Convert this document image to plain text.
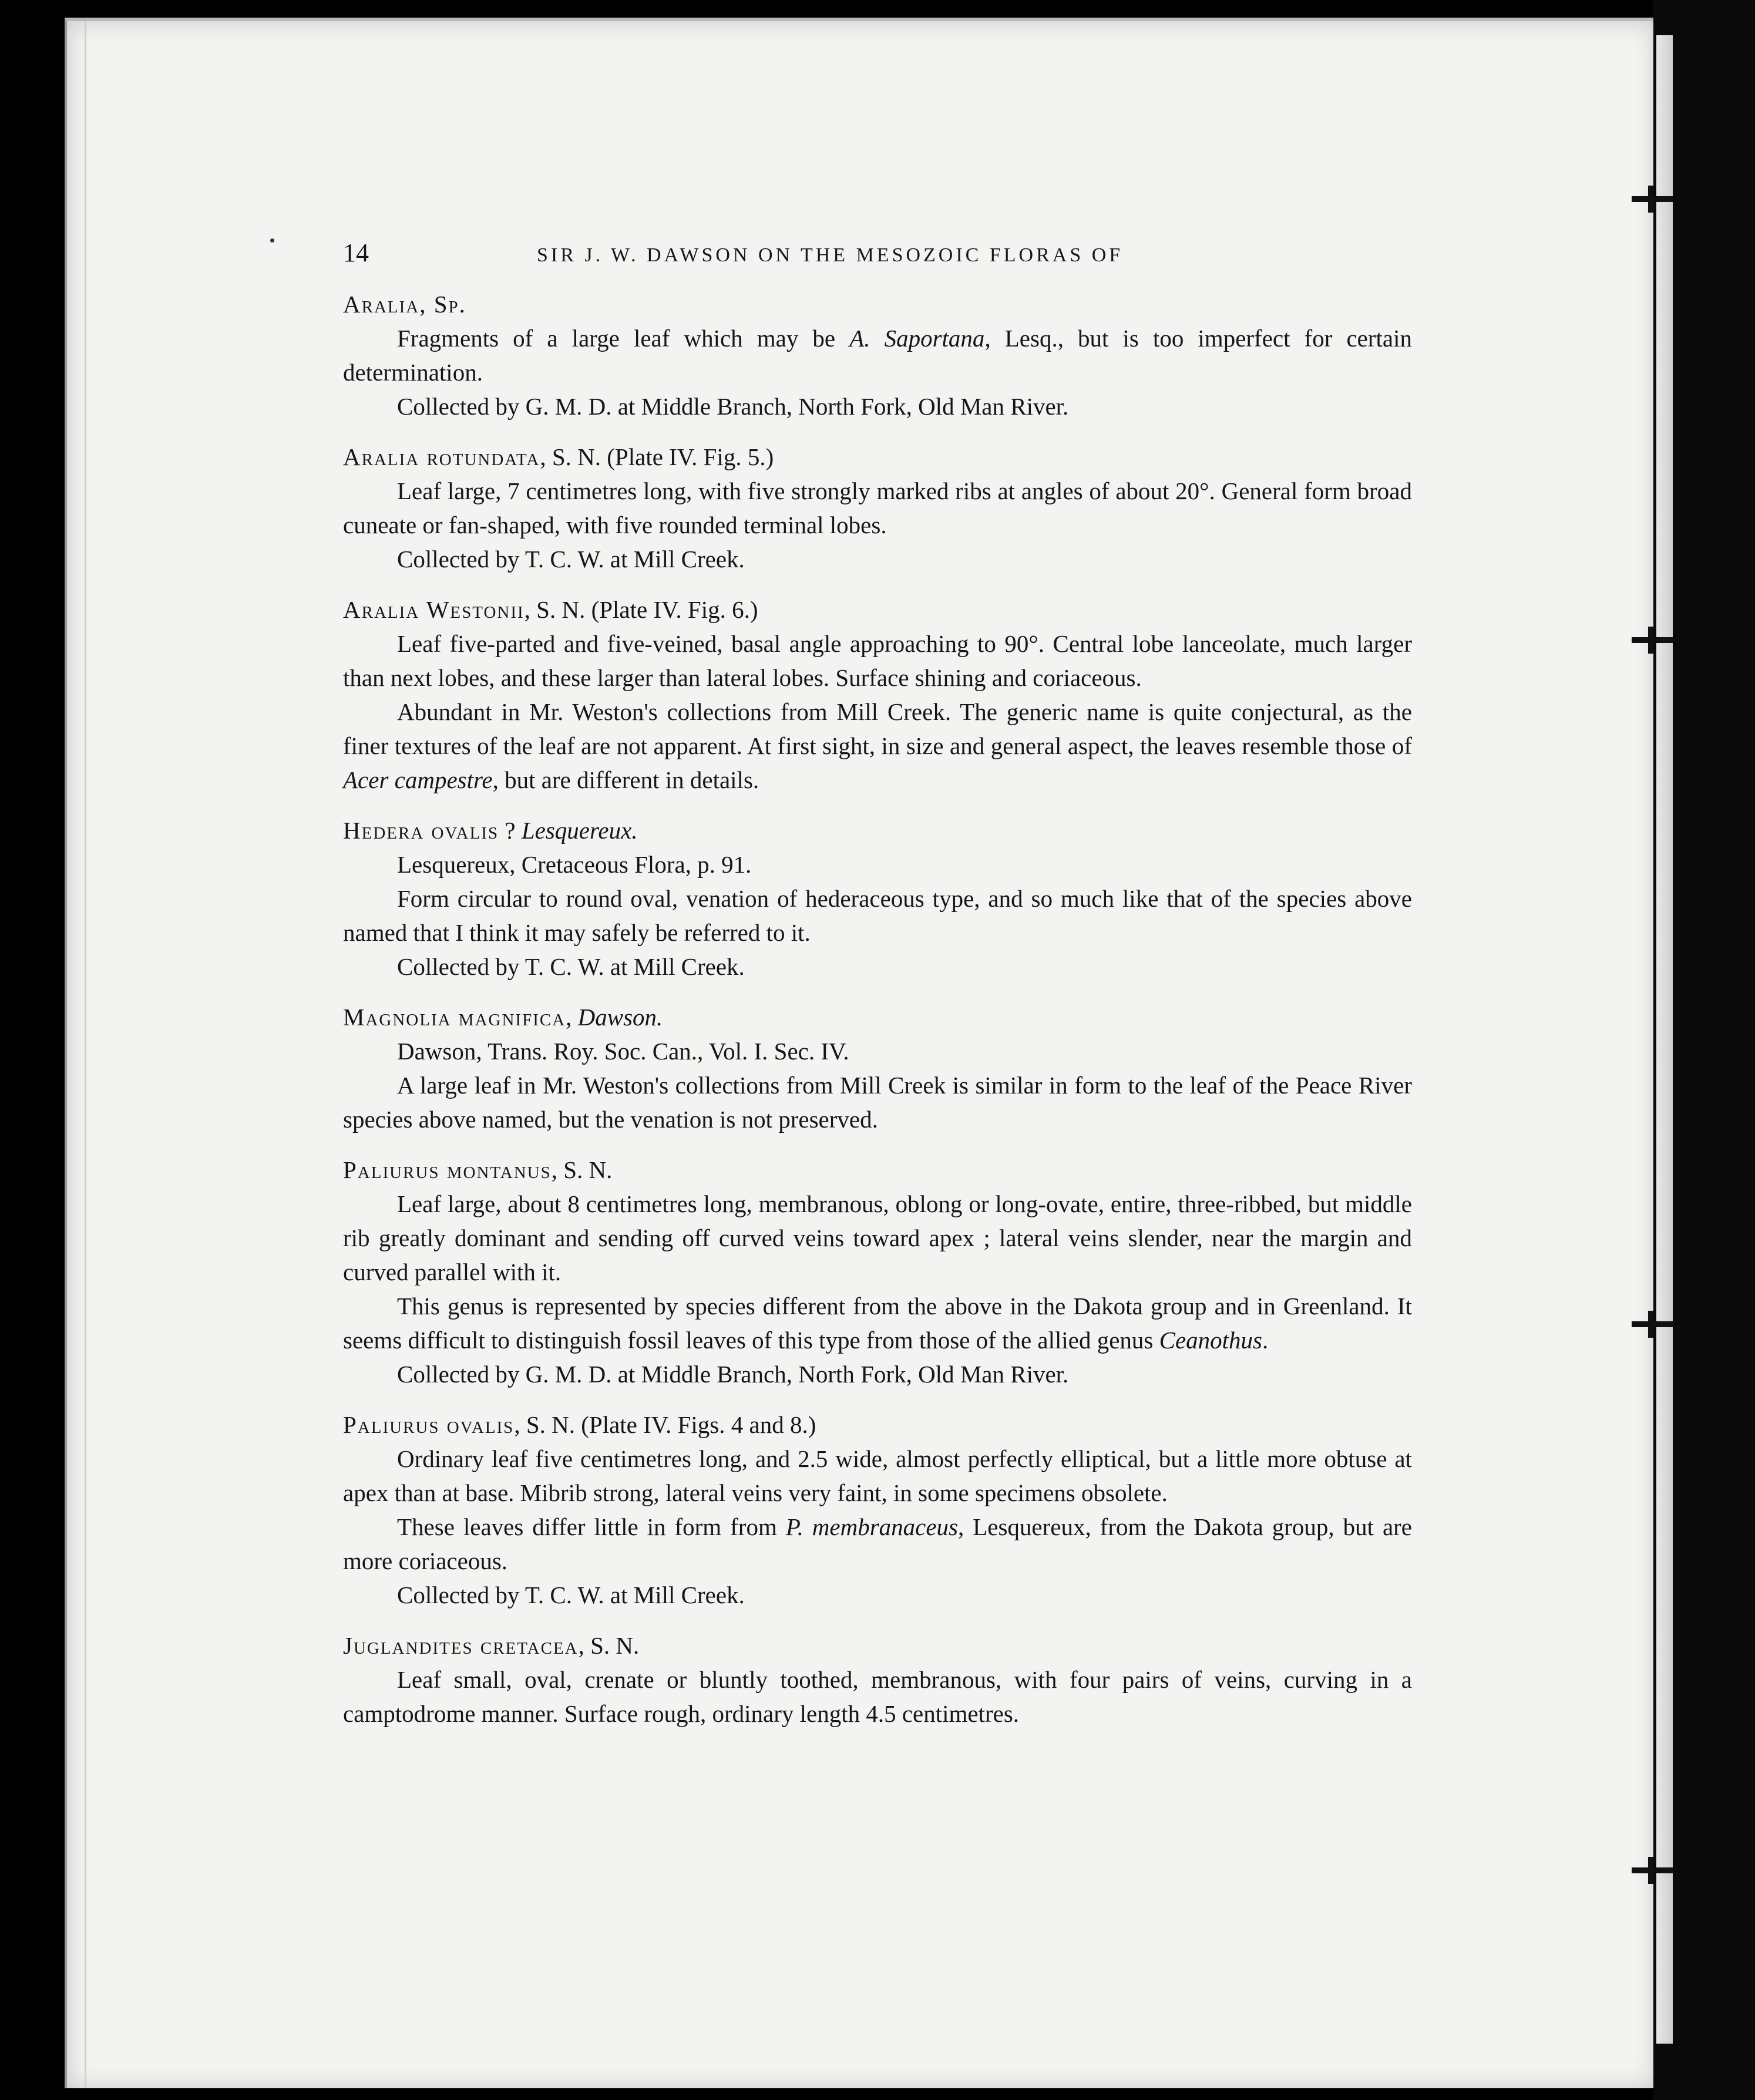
14	SIR J. W. DAWSON ON THE MESOZOIC FLORAS OF

Aralia, Sp.

Fragments of a large leaf which may be A. Saportana, Lesq., but is too imperfect for certain determination.

Collected by G. M. D. at Middle Branch, North Fork, Old Man River.

Aralia rotundata, S. N. (Plate IV. Fig. 5.)

Leaf large, 7 centimetres long, with five strongly marked ribs at angles of about 20°. General form broad cuneate or fan-shaped, with five rounded terminal lobes.

Collected by T. C. W. at Mill Creek.

Aralia Westonii, S. N. (Plate IV. Fig. 6.)

Leaf five-parted and five-veined, basal angle approaching to 90°. Central lobe lanceolate, much larger than next lobes, and these larger than lateral lobes. Surface shining and coriaceous.

Abundant in Mr. Weston's collections from Mill Creek. The generic name is quite conjectural, as the finer textures of the leaf are not apparent. At first sight, in size and general aspect, the leaves resemble those of Acer campestre, but are different in details.

Hedera ovalis ? Lesquereux.

Lesquereux, Cretaceous Flora, p. 91.

Form circular to round oval, venation of hederaceous type, and so much like that of the species above named that I think it may safely be referred to it.

Collected by T. C. W. at Mill Creek.

Magnolia magnifica, Dawson.

Dawson, Trans. Roy. Soc. Can., Vol. I. Sec. IV.

A large leaf in Mr. Weston's collections from Mill Creek is similar in form to the leaf of the Peace River species above named, but the venation is not preserved.

Paliurus montanus, S. N.

Leaf large, about 8 centimetres long, membranous, oblong or long-ovate, entire, three-ribbed, but middle rib greatly dominant and sending off curved veins toward apex ; lateral veins slender, near the margin and curved parallel with it.

This genus is represented by species different from the above in the Dakota group and in Greenland. It seems difficult to distinguish fossil leaves of this type from those of the allied genus Ceanothus.

Collected by G. M. D. at Middle Branch, North Fork, Old Man River.

Paliurus ovalis, S. N. (Plate IV. Figs. 4 and 8.)

Ordinary leaf five centimetres long, and 2.5 wide, almost perfectly elliptical, but a little more obtuse at apex than at base. Mibrib strong, lateral veins very faint, in some specimens obsolete.

These leaves differ little in form from P. membranaceus, Lesquereux, from the Dakota group, but are more coriaceous.

Collected by T. C. W. at Mill Creek.

Juglandites cretacea, S. N.

Leaf small, oval, crenate or bluntly toothed, membranous, with four pairs of veins, curving in a camptodrome manner. Surface rough, ordinary length 4.5 centimetres.
